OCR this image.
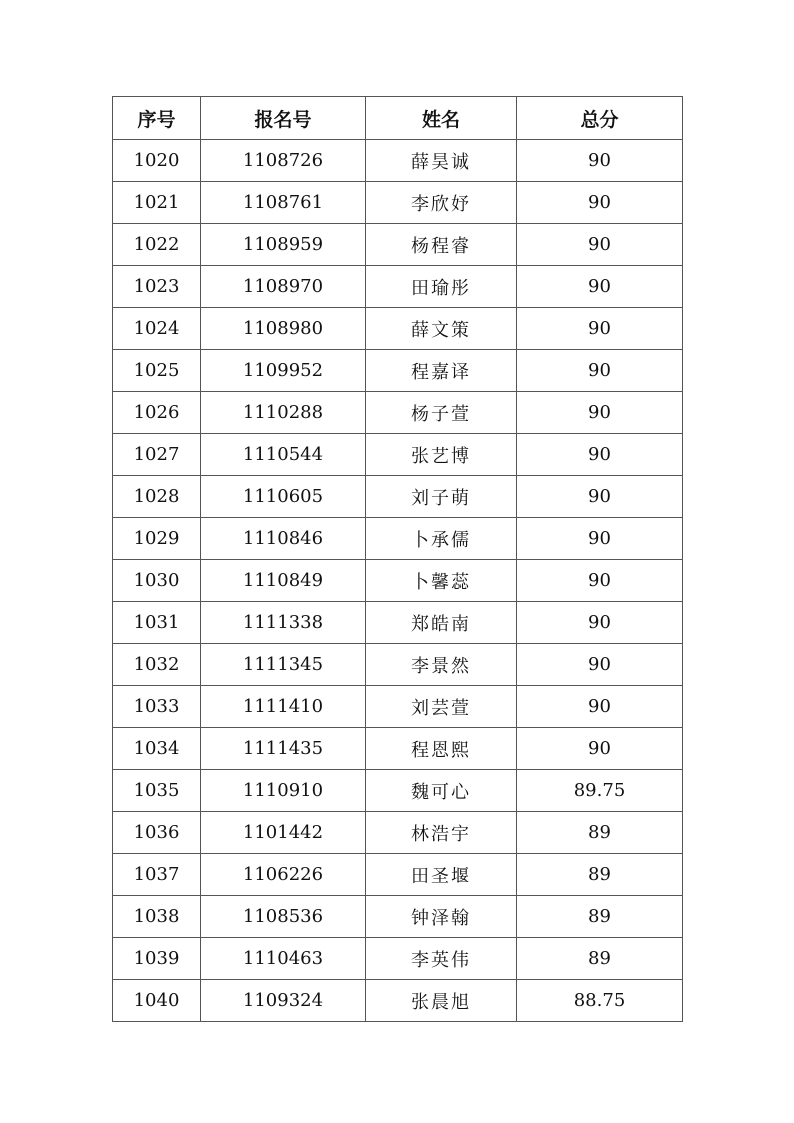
序号	报名号	姓名	总分
1020	1108726	薛昊诚	90
1021	1108761	李欣妤	90
1022	1108959	杨程睿	90
1023	1108970	田瑜彤	90
1024	1108980	薛文策	90
1025	1109952	程嘉译	90
1026	1110288	杨子萱	90
1027	1110544	张艺博	90
1028	1110605	刘子萌	90
1029	1110846	卜承儒	90
1030	1110849	卜馨蕊	90
1031	1111338	郑皓南	90
1032	1111345	李景然	90
1033	1111410	刘芸萱	90
1034	1111435	程恩熙	90
1035	1110910	魏可心	89.75
1036	1101442	林浩宇	89
1037	1106226	田圣堰	89
1038	1108536	钟泽翰	89
1039	1110463	李英伟	89
1040	1109324	张晨旭	88.75
